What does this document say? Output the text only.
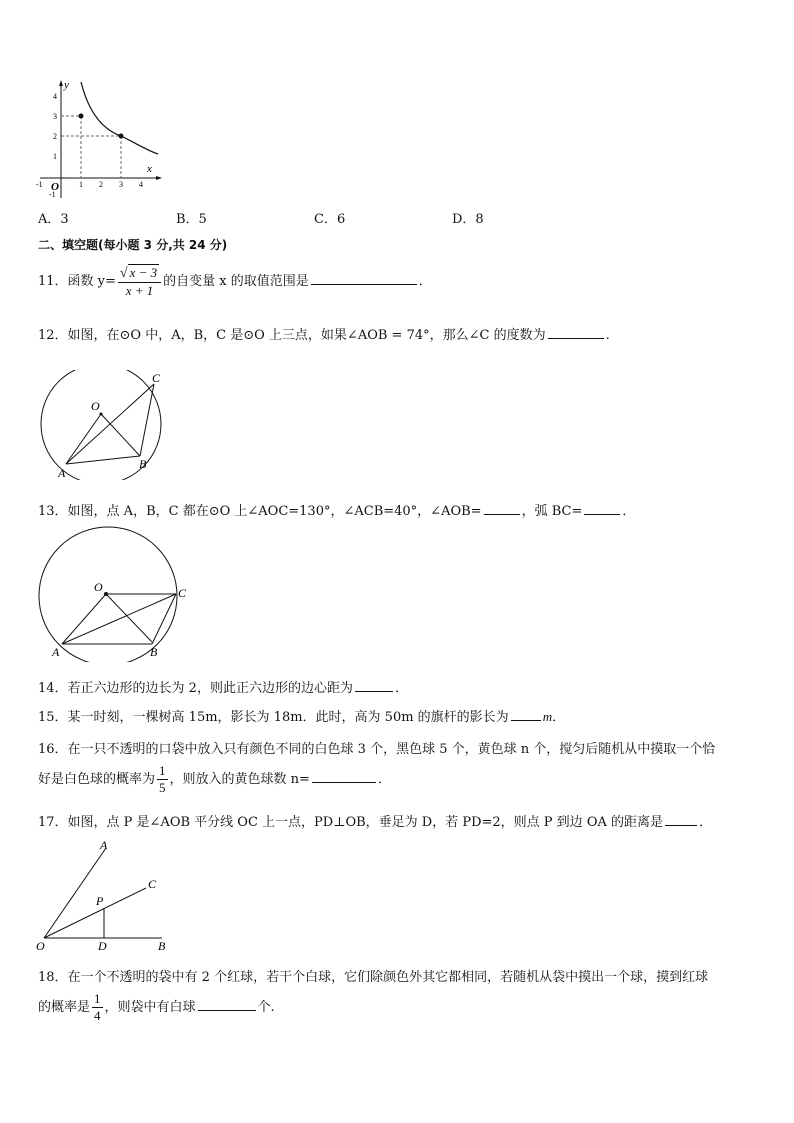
y
x
O
4
3
2
1
-1
-1	1 2 3 4
A．3	B．5	C．6	D．8
二、填空题(每小题 3 分,共 24 分)
11．函数 $y= \frac{√ x - 3}{x + 1}$ 的自变量 x 的取值范围是	．
12．如图，在⊙O 中，A，B，C 是⊙O 上三点，如果∠AOB = 74°，那么∠C 的度数为	.
O
A
B
C
13．如图，点 A，B，C 都在⊙O 上∠AOC=130°，∠ACB=40°，∠AOB=	，弧 BC=	．
O
A	B
C
14．若正六边形的边长为 2，则此正六边形的边心距为	．
15．某一时刻，一棵树高 15m，影长为 18m．此时，高为 50m 的旗杆的影长为	m．
16．在一只不透明的口袋中放入只有颜色不同的白色球 3 个，黑色球 5 个，黄色球 n 个，搅匀后随机从中摸取一个恰
好是白色球的概率为 $\frac{1}{5}$ ，则放入的黄色球数 n=	．
17．如图，点 P 是∠AOB 平分线 OC 上一点，PD⊥OB，垂足为 D，若 PD=2，则点 P 到边 OA 的距离是	．
A
C
P
O	D	B
18．在一个不透明的袋中有 2 个红球，若干个白球，它们除颜色外其它都相同，若随机从袋中摸出一个球，摸到红球
的概率是 $\frac{1}{4}$ ，则袋中有白球	个.
